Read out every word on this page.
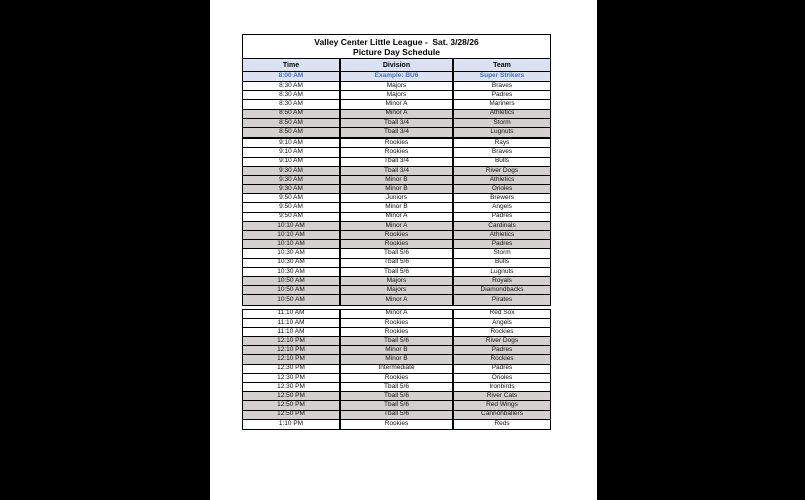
Valley Center Little League -  Sat. 3/28/26
Picture Day Schedule
Time	Division	Team
8:00 AM	Example: BU6	Super Strikers
8:30 AM	Majors	Braves
8:30 AM	Majors	Padres
8:30 AM	Minor A	Mariners
8:50 AM	Minor A	Athletics
8:50 AM	Tball 3/4	Storm
8:50 AM	Tball 3/4	Lugnuts
9:10 AM	Rookies	Rays
9:10 AM	Rookies	Braves
9:10 AM	Tball 3/4	Bulls
9:30 AM	Tball 3/4	River Dogs
9:30 AM	Minor B	Athletics
9:30 AM	Minor B	Orioles
9:50 AM	Juniors	Brewers
9:50 AM	Minor B	Angels
9:50 AM	Minor A	Padres
10:10 AM	Minor A	Cardinals
10:10 AM	Rookies	Athletics
10:10 AM	Rookies	Padres
10:30 AM	Tball 5/6	Storm
10:30 AM	Tball 5/6	Bulls
10:30 AM	Tball 5/6	Lugnuts
10:50 AM	Majors	Royals
10:50 AM	Majors	Diamondbacks
10:50 AM	Minor A	Pirates
11:10 AM	Minor A	Red Sox
11:10 AM	Rookies	Angels
11:10 AM	Rookies	Rockies
12:10 PM	Tball 5/6	River Dogs
12:10 PM	Minor B	Padres
12:10 PM	Minor B	Rockies
12:30 PM	Intermediate	Padres
12:30 PM	Rookies	Orioles
12:30 PM	Tball 5/6	Ironbirds
12:50 PM	Tball 5/6	River Cats
12:50 PM	Tball 5/6	Red Wings
12:50 PM	Tball 5/6	Cannonballers
1:10 PM	Rookies	Reds
